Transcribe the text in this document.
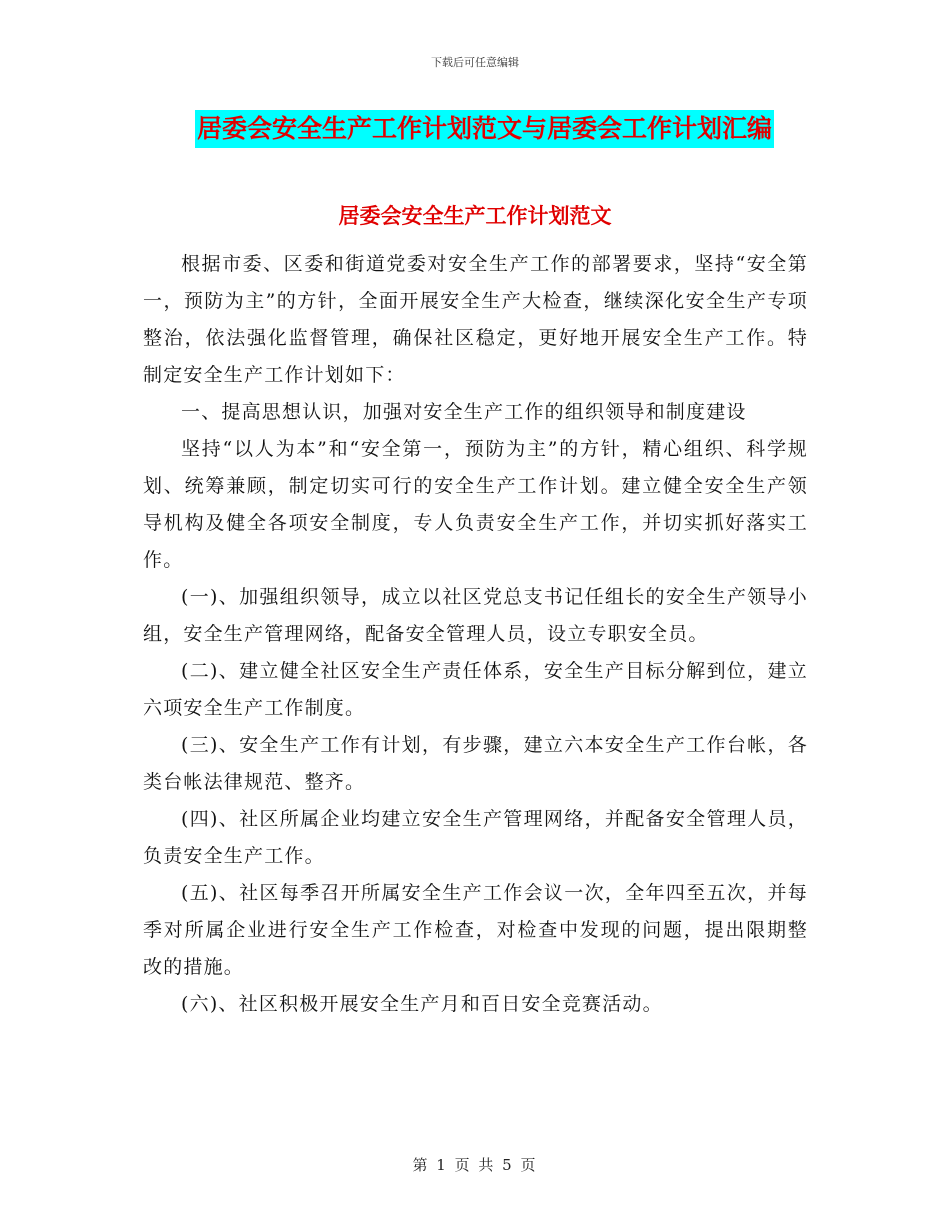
下载后可任意编辑
居委会安全生产工作计划范文与居委会工作计划汇编
居委会安全生产工作计划范文

根据市委、区委和街道党委对安全生产工作的部署要求，坚持“安全第一，预防为主”的方针，全面开展安全生产大检查，继续深化安全生产专项整治，依法强化监督管理，确保社区稳定，更好地开展安全生产工作。特制定安全生产工作计划如下：

一、提高思想认识，加强对安全生产工作的组织领导和制度建设

坚持“以人为本”和“安全第一，预防为主”的方针，精心组织、科学规划、统筹兼顾，制定切实可行的安全生产工作计划。建立健全安全生产领导机构及健全各项安全制度，专人负责安全生产工作，并切实抓好落实工作。

(一)、加强组织领导，成立以社区党总支书记任组长的安全生产领导小组，安全生产管理网络，配备安全管理人员，设立专职安全员。

(二)、建立健全社区安全生产责任体系，安全生产目标分解到位，建立六项安全生产工作制度。

(三)、安全生产工作有计划，有步骤，建立六本安全生产工作台帐，各类台帐法律规范、整齐。

(四)、社区所属企业均建立安全生产管理网络，并配备安全管理人员，负责安全生产工作。

(五)、社区每季召开所属安全生产工作会议一次，全年四至五次，并每季对所属企业进行安全生产工作检查，对检查中发现的问题，提出限期整改的措施。

(六)、社区积极开展安全生产月和百日安全竞赛活动。

第 1 页 共 5 页
